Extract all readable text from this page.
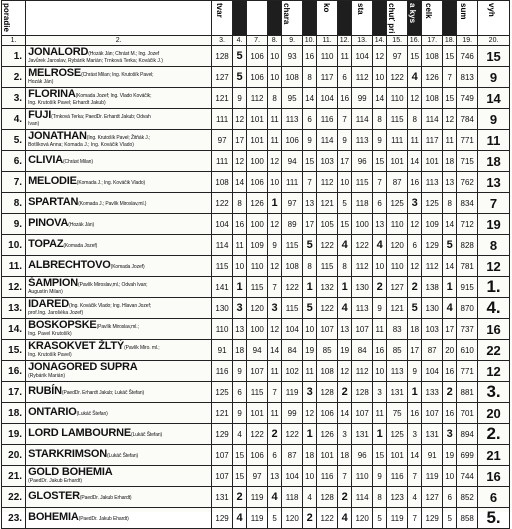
poradie		tvar				chara		ko		sta		chuť pri	a kys	celk		sum	vyh
1.	2.	3.	4.	7.	8.	9.	10.	11.	12.	13.	14.	15.	16.	17.	18.	19.	20.
1.	JONALORD(Hozák Ján; Chrást M.; Ing. Jozef
Javůrek Jaroslav, Rybárik Marián; Trnková Terka; Kováčik J.)	128	5	106	10	93	16	110	11	104	12	97	15	108	15	746	15
2.	MELROSE(Chrást Milan; Ing. Krutošík Pavel;
Hozák Ján)	127	5	106	10	108	8	117	6	112	10	122	4	126	7	813	9
3.	FLORINA(Komada Jozef; Ing. Vlado Kováčik;
Ing. Krutošík Pavel; Erhardt Jakub)	121	9	112	8	95	14	104	16	99	14	110	12	108	15	749	14
4.	FUJI(Trnková Terka; PaedDr. Erhardt Jakub; Odvah
Ivan)	111	12	101	11	113	6	116	7	114	8	115	8	114	12	784	9
5.	JONATHAN(Ing. Krutošík Pavel; Žitňák J.;
Botlíková Anna; Komada J.; Ing. Kováčik Vlado)	97	17	101	11	106	9	114	9	113	9	111	11	117	11	771	11
6.	CLIVIA(Chrást Milan)	111	12	100	12	94	15	103	17	96	15	101	14	101	18	715	18
7.	MELODIE(Komada J.; Ing. Kováčik Vlado)	108	14	106	10	111	7	112	10	115	7	87	16	113	13	762	13
8.	SPARTAN(Komada J.; Pavlík Miroslav,ml.)	122	8	126	1	97	13	121	5	118	6	125	3	125	8	834	7
9.	PINOVA(Hozák Ján)	104	16	100	12	89	17	105	15	100	13	110	12	109	14	712	19
10.	TOPAZ(Komada Jozef)	114	11	109	9	115	5	122	4	122	4	120	6	129	5	828	8
11.	ALBRECHTOVO(Komada Jozef)	115	10	110	12	108	8	115	8	112	10	110	12	112	14	781	12
12.	ŠAMPION(Pavlík Miroslav,ml.; Odvah Ivan;
Augustín Milan)	141	1	115	7	122	1	132	1	130	2	127	2	138	1	915	1.
13.	IDARED(Ing. Kováčik Vlado; Ing. Hlavan Jozef;
prof.Ing. Jarošéka Jozef)	130	3	120	3	115	5	122	4	113	9	121	5	130	4	870	4.
14.	BOSKOPSKE(Pavlík Miroslav,ml.;
Ing. Pavel Krutošík)	110	13	100	12	104	10	107	13	107	11	83	18	103	17	737	16
15.	KRASOKVET ŽLTÝ(Pavlík Miro. ml.;
Ing. Krutošík Pavel)	91	18	94	14	84	19	85	19	84	16	85	17	87	20	610	22
16.	JONAGORED SUPRA
(Rybárik Marián)	116	9	107	11	102	11	108	12	112	10	113	9	104	16	771	12
17.	RUBÍN(PaedDr. Erhardt Jakub; Lukáč Štefan)	125	6	115	7	119	3	128	2	128	3	131	1	133	2	881	3.
18.	ONTARIO(Lukáč Štefan)	121	9	101	11	99	12	106	14	107	11	75	16	107	16	701	20
19.	LORD LAMBOURNE(Lukáč Štefan)	129	4	122	2	122	1	126	3	131	1	125	3	131	3	894	2.
20.	STARKRIMSON(Lukáč Štefan)	107	15	106	6	87	18	101	18	96	15	101	14	91	19	699	21
21.	GOLD BOHEMIA
(PaedDr. Jakub Erhardt)	107	15	97	13	104	10	116	7	110	9	116	7	119	10	744	16
22.	GLOSTER(PaedDr. Jakub Erhardt)	131	2	119	4	118	4	128	2	114	8	123	4	127	6	852	6
23.	BOHEMIA(PaedDr. Jakub Ehardt)	129	4	119	5	120	2	122	4	120	5	119	7	129	5	858	5.
